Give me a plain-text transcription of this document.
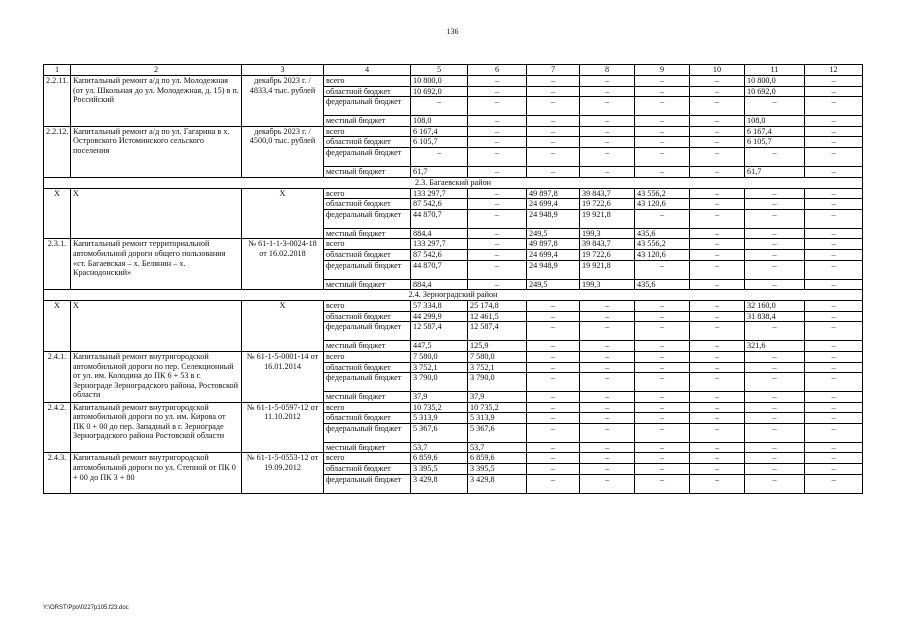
136
1	2	3	4	5	6	7	8	9	10	11	12
2.2.11.	Капитальный ремонт а/д по ул. Молодежная (от ул. Школьная до ул. Молодежная, д. 15) в п. Российский	декабрь 2023 г. / 4833,4 тыс. рублей	всего	10 800,0	–	–	–	–	–	10 800,0	–
			областной бюджет	10 692,0	–	–	–	–	–	10 692,0	–
			федеральный бюджет	–	–	–	–	–	–	–	–
			местный бюджет	108,0	–	–	–	–	–	108,0	–
2.2.12.	Капитальный ремонт а/д по ул. Гагарина в х. Островского Истоминского сельского поселения	декабрь 2023 г. / 4500,0 тыс. рублей	всего	6 167,4	–	–	–	–	–	6 167,4	–
			областной бюджет	6 105,7	–	–	–	–	–	6 105,7	–
			федеральный бюджет	–	–	–	–	–	–	–	–
			местный бюджет	61,7	–	–	–	–	–	61,7	–
2.3. Багаевский район											
Х	Х	Х	всего	133 297,7	–	49 897,8	39 843,7	43 556,2	–	–	–
			областной бюджет	87 542,6	–	24 699,4	19 722,6	43 120,6	–	–	–
			федеральный бюджет	44 870,7	–	24 948,9	19 921,8	–	–	–	–
			местный бюджет	884,4	–	249,5	199,3	435,6	–	–	–
2.3.1.	Капитальный ремонт территориальной автомобильной дороги общего пользования «ст. Багаевская – х. Белянин – х. Краснодонский»	№ 61-1-1-3-0024-18 от 16.02.2018	всего	133 297,7	–	49 897,8	39 843,7	43 556,2	–	–	–
			областной бюджет	87 542,6	–	24 699,4	19 722,6	43 120,6	–	–	–
			федеральный бюджет	44 870,7	–	24 948,9	19 921,8	–	–	–	–
			местный бюджет	884,4	–	249,5	199,3	435,6	–	–	–
2.4. Зерноградский район											
Х	Х	Х	всего	57 334,8	25 174,8	–	–	–	–	32 160,0	–
			областной бюджет	44 299,9	12 461,5	–	–	–	–	31 838,4	–
			федеральный бюджет	12 587,4	12 587,4	–	–	–	–	–	–
			местный бюджет	447,5	125,9	–	–	–	–	321,6	–
2.4.1.	Капитальный ремонт внутригородской автомобильной дороги по пер. Селекционный от ул. им. Колодина до ПК 6 + 53 в г. Зернограде Зерноградского района, Ростовской области	№ 61-1-5-0001-14 от 16.01.2014	всего	7 580,0	7 580,0	–	–	–	–	–	–
			областной бюджет	3 752,1	3 752,1	–	–	–	–	–	–
			федеральный бюджет	3 790,0	3 790,0	–	–	–	–	–	–
			местный бюджет	37,9	37,9	–	–	–	–	–	–
2.4.2.	Капитальный ремонт внутригородской автомобильной дороги по ул. им. Кирова от ПК 0 + 00 до пер. Западный в г. Зернограде Зерноградского района Ростовской области	№ 61-1-5-0597-12 от 11.10.2012	всего	10 735,2	10 735,2	–	–	–	–	–	–
			областной бюджет	5 313,9	5 313,9	–	–	–	–	–	–
			федеральный бюджет	5 367,6	5 367,6	–	–	–	–	–	–
			местный бюджет	53,7	53,7	–	–	–	–	–	–
2.4.3.	Капитальный ремонт внутригородской автомобильной дороги по ул. Степной от ПК 0 + 00 до ПК 3 + 80	№ 61-1-5-0553-12 от 19.09.2012	всего	6 859,6	6 859,6	–	–	–	–	–	–
			областной бюджет	3 395,5	3 395,5	–	–	–	–	–	–
			федеральный бюджет	3 429,8	3 429,8	–	–	–	–	–	–
Y:\ORST\Ppo\0227p105.f23.doc
